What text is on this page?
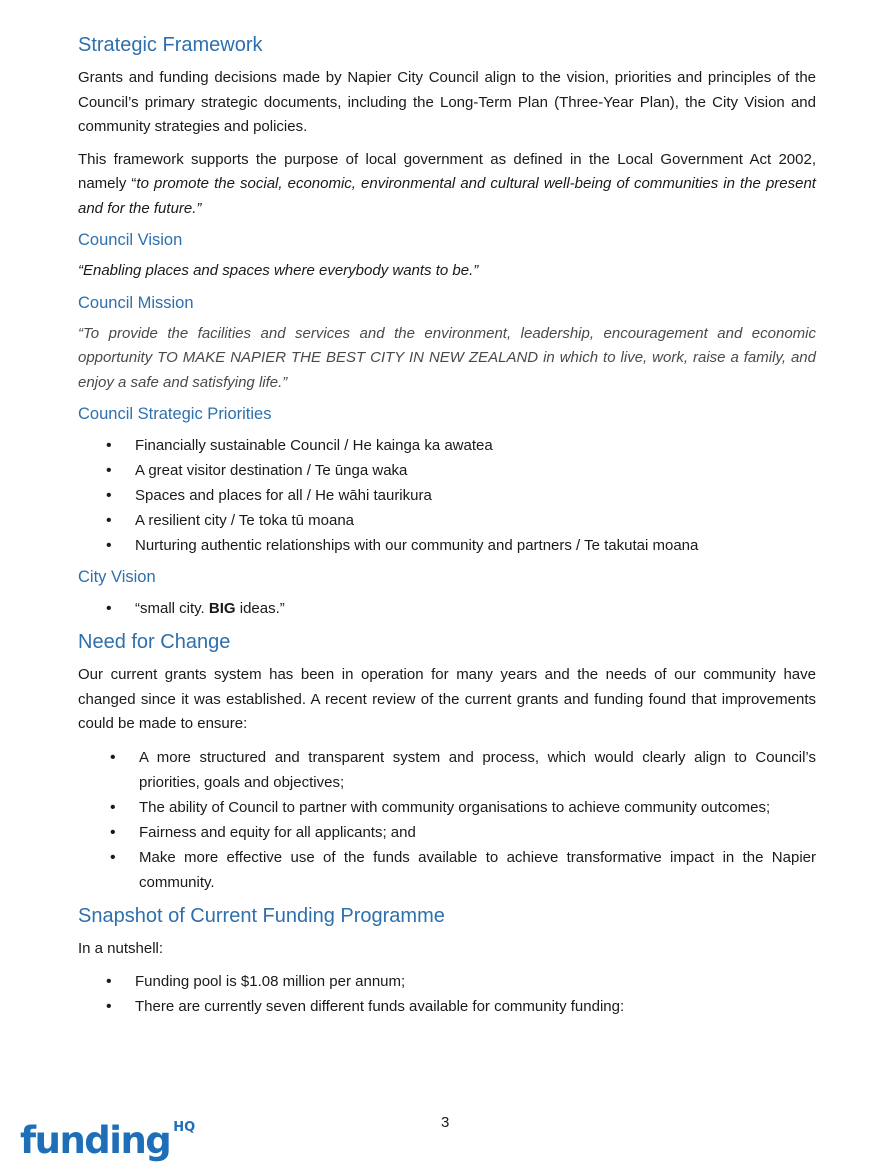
Strategic Framework

Grants and funding decisions made by Napier City Council align to the vision, priorities and principles of the Council’s primary strategic documents, including the Long-Term Plan (Three-Year Plan), the City Vision and community strategies and policies.

This framework supports the purpose of local government as defined in the Local Government Act 2002, namely “to promote the social, economic, environmental and cultural well-being of communities in the present and for the future.”

Council Vision

“Enabling places and spaces where everybody wants to be.”

Council Mission

“To provide the facilities and services and the environment, leadership, encouragement and economic opportunity TO MAKE NAPIER THE BEST CITY IN NEW ZEALAND in which to live, work, raise a family, and enjoy a safe and satisfying life.”

Council Strategic Priorities
• Financially sustainable Council / He kainga ka awatea
• A great visitor destination / Te ūnga waka
• Spaces and places for all / He wāhi taurikura
• A resilient city / Te toka tū moana
• Nurturing authentic relationships with our community and partners / Te takutai moana
City Vision
• “small city. BIG ideas.”
Need for Change

Our current grants system has been in operation for many years and the needs of our community have changed since it was established. A recent review of the current grants and funding found that improvements could be made to ensure:

• A more structured and transparent system and process, which would clearly align to Council’s priorities, goals and objectives;
• The ability of Council to partner with community organisations to achieve community outcomes;
• Fairness and equity for all applicants; and
• Make more effective use of the funds available to achieve transformative impact in the Napier community.
Snapshot of Current Funding Programme

In a nutshell:

• Funding pool is $1.08 million per annum;
• There are currently seven different funds available for community funding:
funding $^{HQ}$	3
